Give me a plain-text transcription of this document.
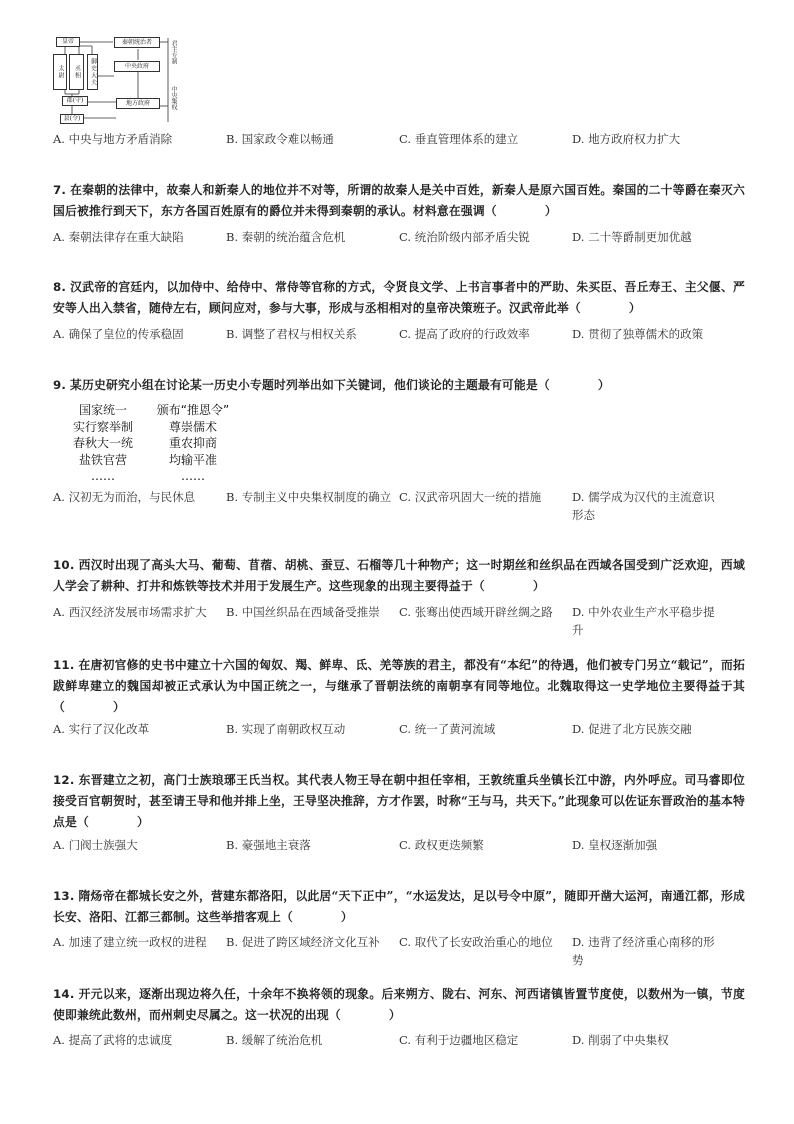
皇帝	秦朝统治者
太尉	丞相	御史大夫	中央政府
郡(守)	地方政府
县(令)
君主专制
中央集权
A. 中央与地方矛盾消除	B. 国家政令难以畅通	C. 垂直管理体系的建立	D. 地方政府权力扩大
7. 在秦朝的法律中，故秦人和新秦人的地位并不对等，所谓的故秦人是关中百姓，新秦人是原六国百姓。秦国的二十等爵在秦灭六国后被推行到天下，东方各国百姓原有的爵位并未得到秦朝的承认。材料意在强调（　　　　）
A. 秦朝法律存在重大缺陷	B. 秦朝的统治蕴含危机	C. 统治阶级内部矛盾尖锐	D. 二十等爵制更加优越
8. 汉武帝的宫廷内，以加侍中、给侍中、常侍等官称的方式，令贤良文学、上书言事者中的严助、朱买臣、吾丘寿王、主父偃、严安等人出入禁省，随侍左右，顾问应对，参与大事，形成与丞相相对的皇帝决策班子。汉武帝此举（　　　　）
A. 确保了皇位的传承稳固	B. 调整了君权与相权关系	C. 提高了政府的行政效率	D. 贯彻了独尊儒术的政策
9. 某历史研究小组在讨论某一历史小专题时列举出如下关键词，他们谈论的主题最有可能是（　　　　）
国家统一	颁布“推恩令”
实行察举制	尊崇儒术
春秋大一统	重农抑商
盐铁官营	均输平准
……	……
A. 汉初无为而治，与民休息	B. 专制主义中央集权制度的确立 C. 汉武帝巩固大一统的措施	D. 儒学成为汉代的主流意识形态
10. 西汉时出现了高头大马、葡萄、苜蓿、胡桃、蚕豆、石榴等几十种物产；这一时期丝和丝织品在西域各国受到广泛欢迎，西域人学会了耕种、打井和炼铁等技术并用于发展生产。这些现象的出现主要得益于（　　　　）
A. 西汉经济发展市场需求扩大	B. 中国丝织品在西域备受推崇	C. 张骞出使西域开辟丝绸之路	D. 中外农业生产水平稳步提升
11. 在唐初官修的史书中建立十六国的匈奴、羯、鲜卑、氐、羌等族的君主，都没有“本纪”的待遇，他们被专门另立“载记”，而拓跋鲜卑建立的魏国却被正式承认为中国正统之一，与继承了晋朝法统的南朝享有同等地位。北魏取得这一史学地位主要得益于其（　　　　）
A. 实行了汉化改革	B. 实现了南朝政权互动	C. 统一了黄河流域	D. 促进了北方民族交融
12. 东晋建立之初，高门士族琅琊王氏当权。其代表人物王导在朝中担任宰相，王敦统重兵坐镇长江中游，内外呼应。司马睿即位接受百官朝贺时，甚至请王导和他并排上坐，王导坚决推辞，方才作罢，时称“王与马，共天下。”此现象可以佐证东晋政治的基本特点是（　　　　）
A. 门阀士族强大	B. 豪强地主衰落	C. 政权更迭频繁	D. 皇权逐渐加强
13. 隋炀帝在都城长安之外，营建东都洛阳，以此居“天下正中”，“水运发达，足以号令中原”，随即开凿大运河，南通江都，形成长安、洛阳、江都三都制。这些举措客观上（　　　　）
A. 加速了建立统一政权的进程	B. 促进了跨区域经济文化互补	C. 取代了长安政治重心的地位	D. 违背了经济重心南移的形势
14. 开元以来，逐渐出现边将久任，十余年不换将领的现象。后来朔方、陇右、河东、河西诸镇皆置节度使，以数州为一镇，节度使即兼统此数州，而州刺史尽属之。这一状况的出现（　　　　）
A. 提高了武将的忠诚度	B. 缓解了统治危机	C. 有利于边疆地区稳定	D. 削弱了中央集权
